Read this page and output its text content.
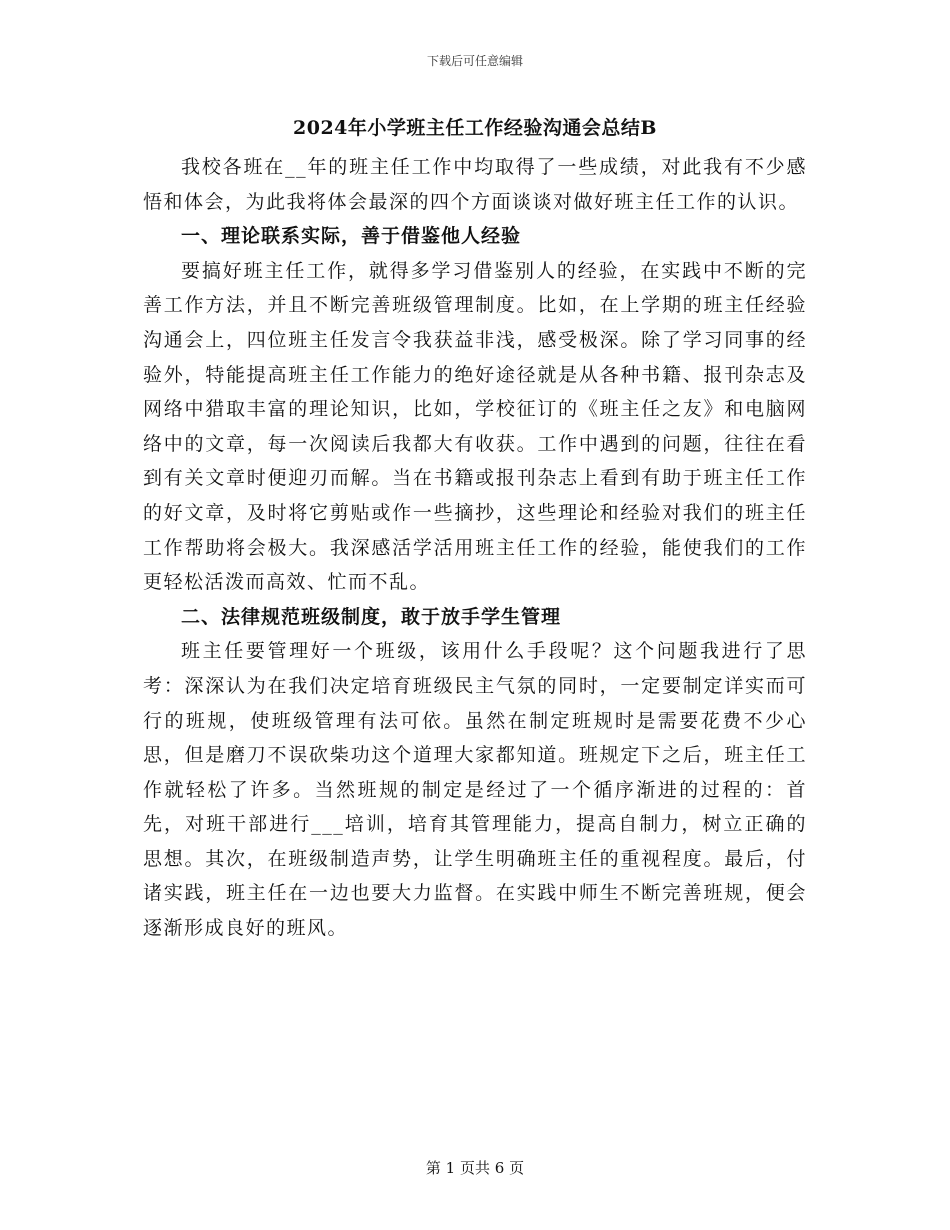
下载后可任意编辑
2024年小学班主任工作经验沟通会总结B

我校各班在__年的班主任工作中均取得了一些成绩，对此我有不少感悟和体会，为此我将体会最深的四个方面谈谈对做好班主任工作的认识。

一、理论联系实际，善于借鉴他人经验

要搞好班主任工作，就得多学习借鉴别人的经验，在实践中不断的完善工作方法，并且不断完善班级管理制度。比如，在上学期的班主任经验沟通会上，四位班主任发言令我获益非浅，感受极深。除了学习同事的经验外，特能提高班主任工作能力的绝好途径就是从各种书籍、报刊杂志及网络中猎取丰富的理论知识，比如，学校征订的《班主任之友》和电脑网络中的文章，每一次阅读后我都大有收获。工作中遇到的问题，往往在看到有关文章时便迎刃而解。当在书籍或报刊杂志上看到有助于班主任工作的好文章，及时将它剪贴或作一些摘抄，这些理论和经验对我们的班主任工作帮助将会极大。我深感活学活用班主任工作的经验，能使我们的工作更轻松活泼而高效、忙而不乱。

二、法律规范班级制度，敢于放手学生管理

班主任要管理好一个班级，该用什么手段呢？这个问题我进行了思考：深深认为在我们决定培育班级民主气氛的同时，一定要制定详实而可行的班规，使班级管理有法可依。虽然在制定班规时是需要花费不少心思，但是磨刀不误砍柴功这个道理大家都知道。班规定下之后，班主任工作就轻松了许多。当然班规的制定是经过了一个循序渐进的过程的：首先，对班干部进行___培训，培育其管理能力，提高自制力，树立正确的思想。其次，在班级制造声势，让学生明确班主任的重视程度。最后，付诸实践，班主任在一边也要大力监督。在实践中师生不断完善班规，便会逐渐形成良好的班风。

第 1 页共 6 页
